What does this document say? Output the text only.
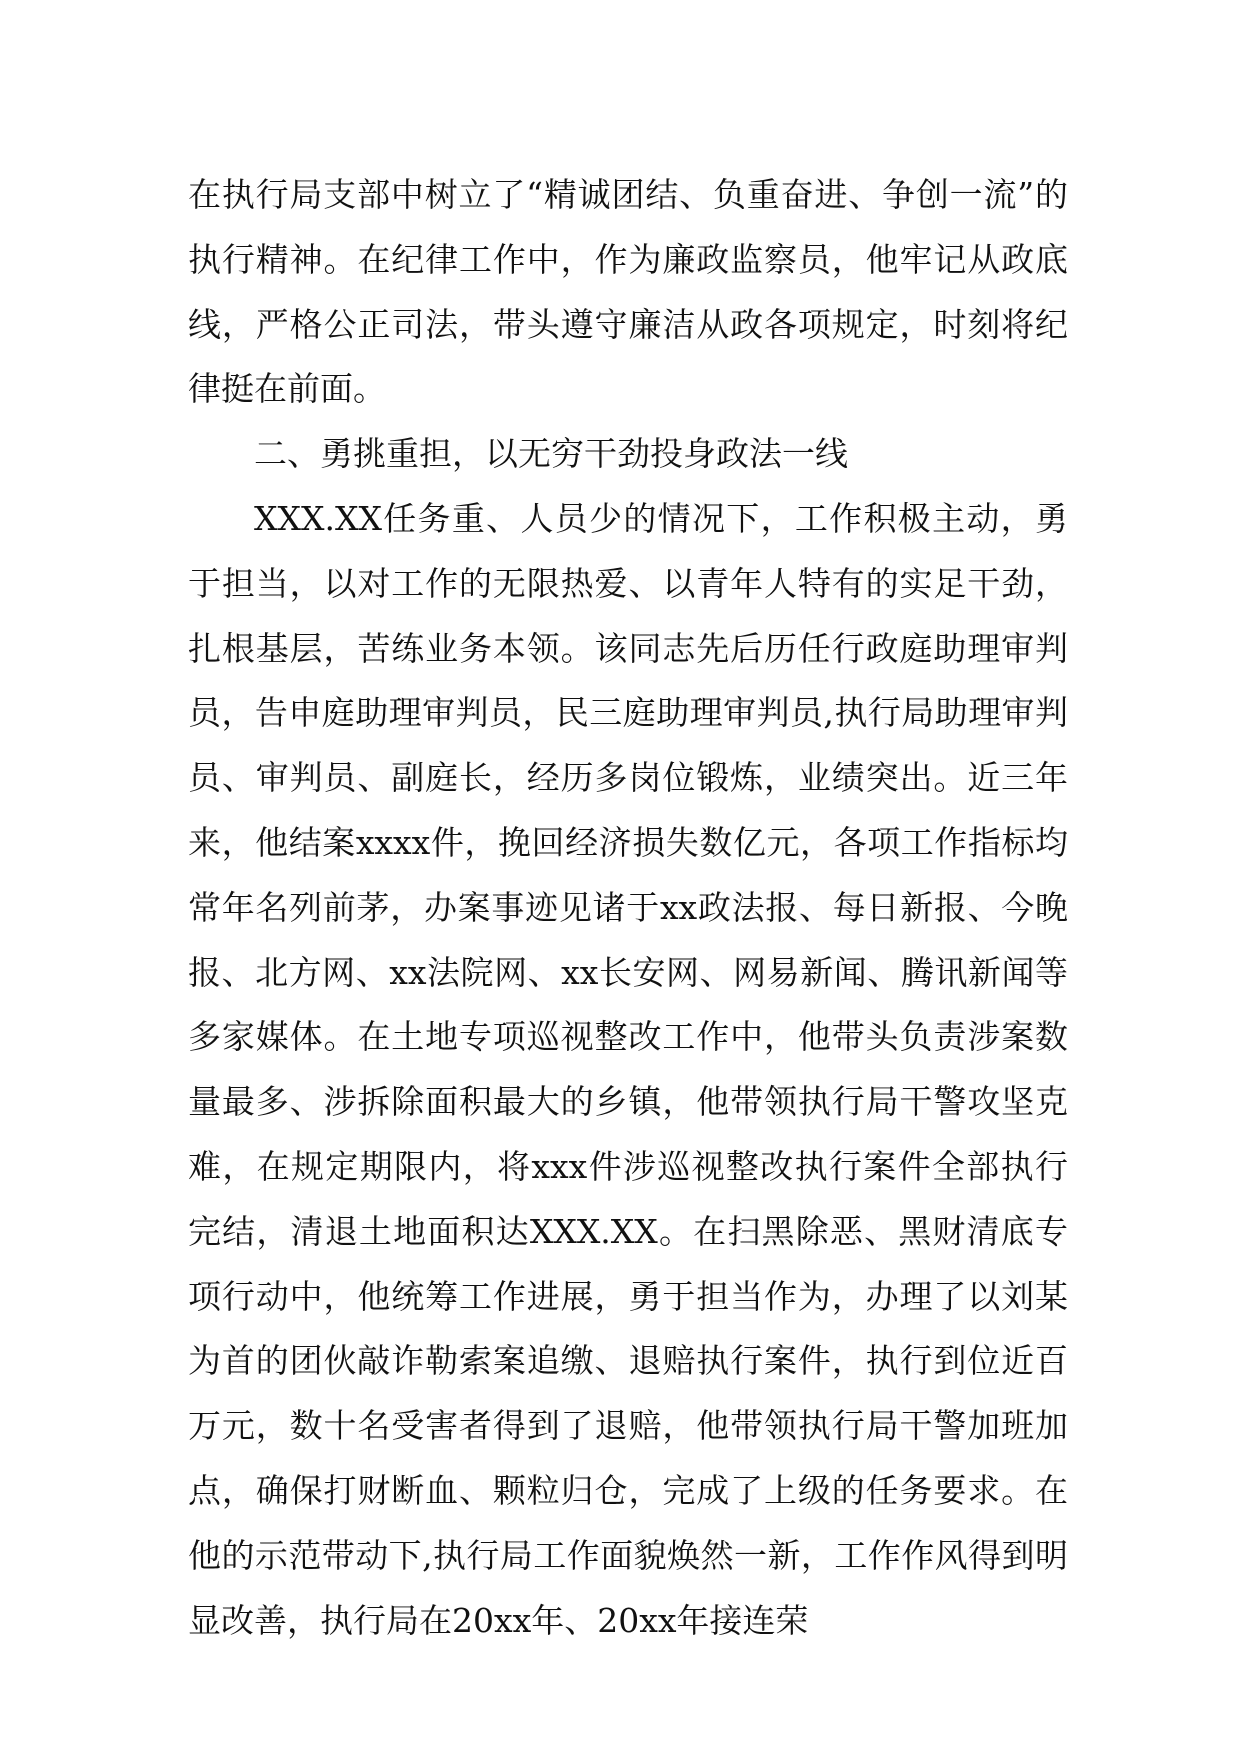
在执行局支部中树立了“精诚团结、负重奋进、争创一流”的执行精神。在纪律工作中，作为廉政监察员，他牢记从政底线，严格公正司法，带头遵守廉洁从政各项规定，时刻将纪律挺在前面。

二、勇挑重担，以无穷干劲投身政法一线

XXX.XX任务重、人员少的情况下，工作积极主动，勇于担当，以对工作的无限热爱、以青年人特有的实足干劲，扎根基层，苦练业务本领。该同志先后历任行政庭助理审判员，告申庭助理审判员，民三庭助理审判员,执行局助理审判员、审判员、副庭长，经历多岗位锻炼，业绩突出。近三年来，他结案xxxx件，挽回经济损失数亿元，各项工作指标均常年名列前茅，办案事迹见诸于xx政法报、每日新报、今晚报、北方网、xx法院网、xx长安网、网易新闻、腾讯新闻等多家媒体。在土地专项巡视整改工作中，他带头负责涉案数量最多、涉拆除面积最大的乡镇，他带领执行局干警攻坚克难，在规定期限内，将xxx件涉巡视整改执行案件全部执行完结，清退土地面积达XXX.XX。在扫黑除恶、黑财清底专项行动中，他统筹工作进展，勇于担当作为，办理了以刘某为首的团伙敲诈勒索案追缴、退赔执行案件，执行到位近百万元，数十名受害者得到了退赔，他带领执行局干警加班加点，确保打财断血、颗粒归仓，完成了上级的任务要求。在他的示范带动下,执行局工作面貌焕然一新，工作作风得到明显改善，执行局在20xx年、20xx年接连荣
